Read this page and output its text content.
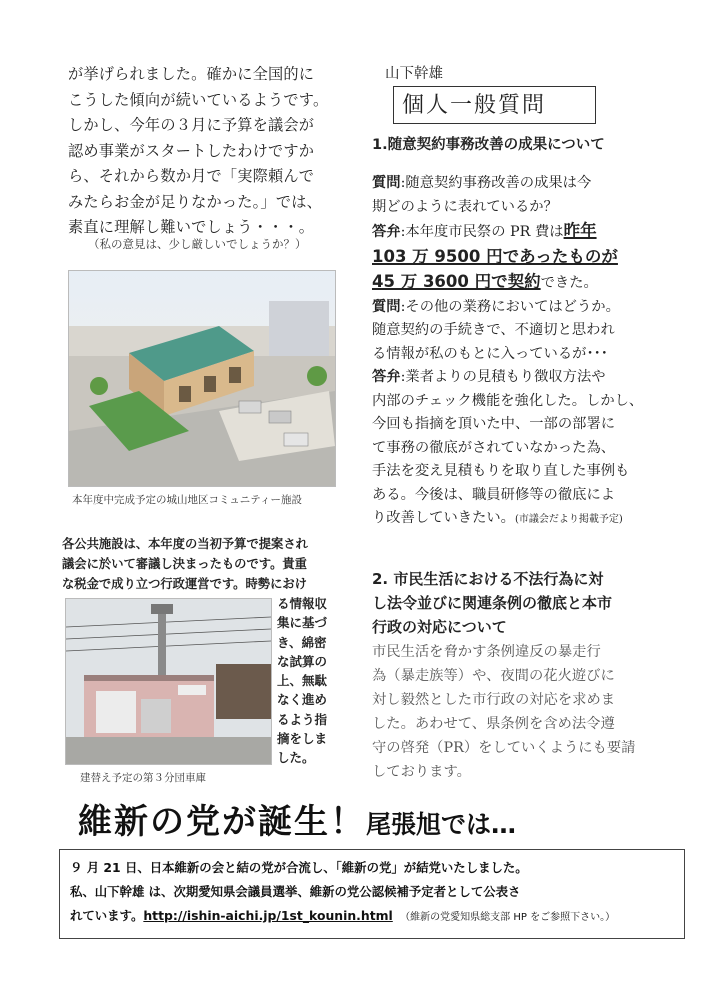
が挙げられました。確かに全国的に
こうした傾向が続いているようです。
しかし、今年の３月に予算を議会が
認め事業がスタートしたわけですか
ら、それから数か月で「実際頼んで
みたらお金が足りなかった。」では、
素直に理解し難いでしょう・・・。
（私の意見は、少し厳しいでしょうか？）
本年度中完成予定の城山地区コミュニティー施設
各公共施設は、本年度の当初予算で提案され
議会に於いて審議し決まったものです。貴重
な税金で成り立つ行政運営です。時勢におけ
建替え予定の第３分団車庫
る情報収
集に基づ
き、綿密
な試算の
上、無駄
なく進め
るよう指
摘をしま
した。
山下幹雄
個人一般質問
1.随意契約事務改善の成果について
質問:随意契約事務改善の成果は今
期どのように表れているか？
答弁:本年度市民祭の PR 費は昨年
103 万 9500 円であったものが
45 万 3600 円で契約できた。
質問:その他の業務においてはどうか。
随意契約の手続きで、不適切と思われ
る情報が私のもとに入っているが･･･
答弁:業者よりの見積もり徴収方法や
内部のチェック機能を強化した。しかし、
今回も指摘を頂いた中、一部の部署に
て事務の徹底がされていなかった為、
手法を変え見積もりを取り直した事例も
ある。今後は、職員研修等の徹底によ
り改善していきたい。(市議会だより掲載予定)
2. 市民生活における不法行為に対
し法令並びに関連条例の徹底と本市
行政の対応について
市民生活を脅かす条例違反の暴走行
為（暴走族等）や、夜間の花火遊びに
対し毅然とした市行政の対応を求めま
した。あわせて、県条例を含め法令遵
守の啓発（PR）をしていくようにも要請
しております。
維新の党が誕生！尾張旭では…
９ 月 21 日、日本維新の会と結の党が合流し、「維新の党」が結党いたしました。
私、山下幹雄 は、次期愛知県会議員選挙、維新の党公認候補予定者として公表さ
れています。http://ishin-aichi.jp/1st_kounin.html　 （維新の党愛知県総支部 HP をご参照下さい。）
